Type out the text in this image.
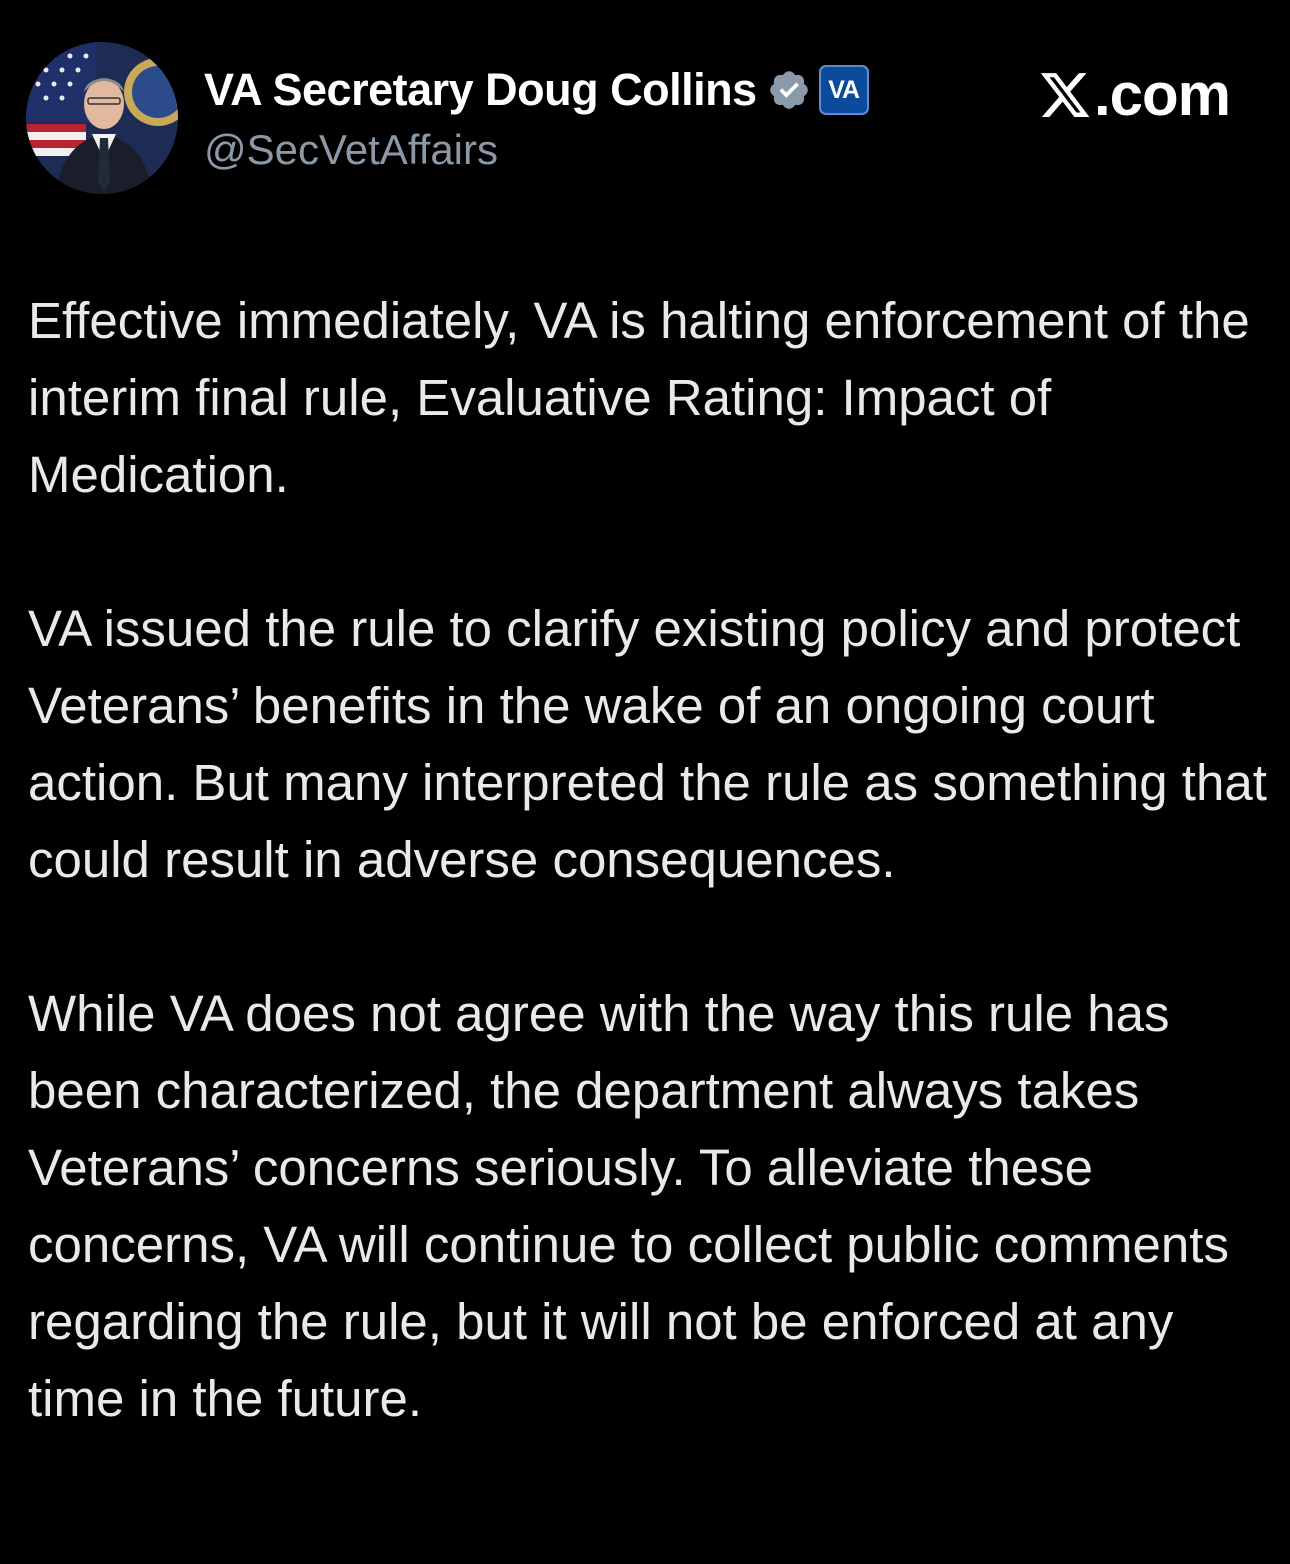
VA Secretary Doug Collins	VA
@SecVetAffairs
.com

Effective immediately, VA is halting enforcement of the interim final rule, Evaluative Rating: Impact of Medication.

VA issued the rule to clarify existing policy and protect Veterans’ benefits in the wake of an ongoing court action. But many interpreted the rule as something that could result in adverse consequences.

While VA does not agree with the way this rule has been characterized, the department always takes Veterans’ concerns seriously. To alleviate these concerns, VA will continue to collect public comments regarding the rule, but it will not be enforced at any time in the future.
